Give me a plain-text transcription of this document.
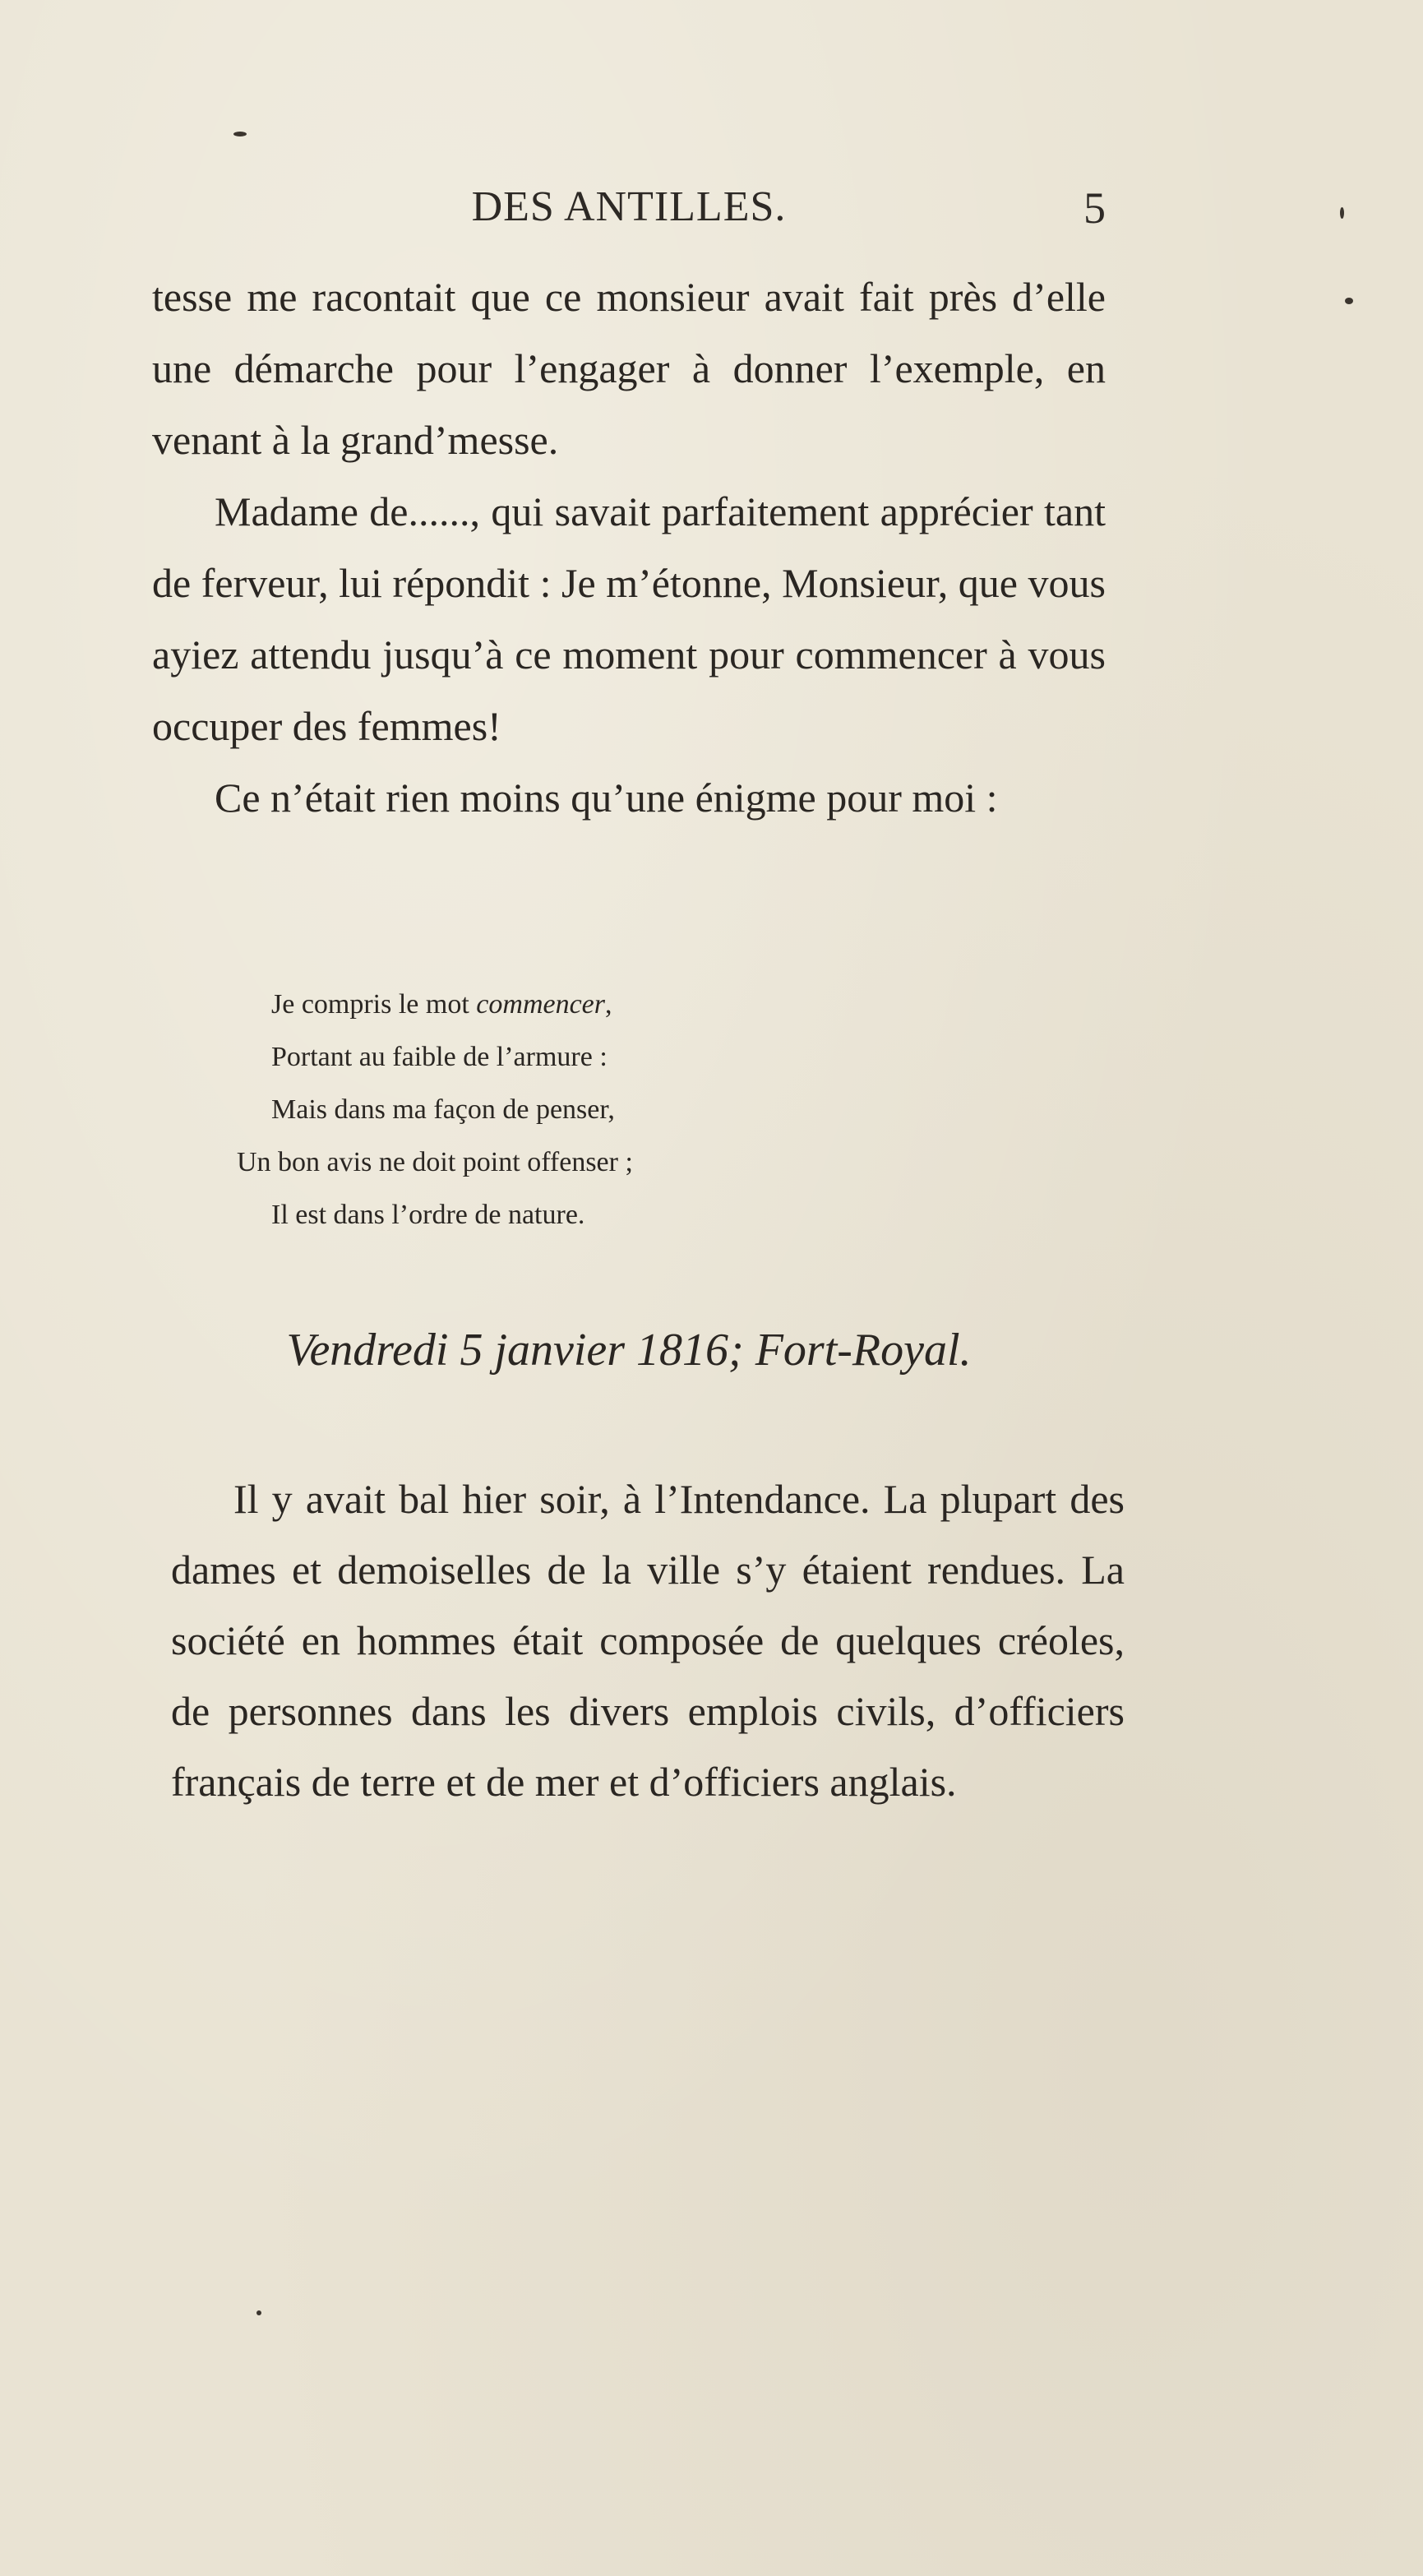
DES ANTILLES.	5

tesse me racontait que ce monsieur avait fait près d’elle une démarche pour l’engager à donner l’exemple, en venant à la grand’messe.

Madame de......, qui savait parfaitement apprécier tant de ferveur, lui répondit : Je m’étonne, Monsieur, que vous ayiez attendu jusqu’à ce moment pour commencer à vous occuper des femmes!

Ce n’était rien moins qu’une énigme pour moi :

Je compris le mot commencer,
Portant au faible de l’armure :
Mais dans ma façon de penser,
Un bon avis ne doit point offenser ;
Il est dans l’ordre de nature.
Vendredi 5 janvier 1816; Fort-Royal.

Il y avait bal hier soir, à l’Intendance. La plupart des dames et demoiselles de la ville s’y étaient rendues. La société en hommes était composée de quelques créoles, de personnes dans les divers emplois civils, d’officiers français de terre et de mer et d’officiers anglais.
